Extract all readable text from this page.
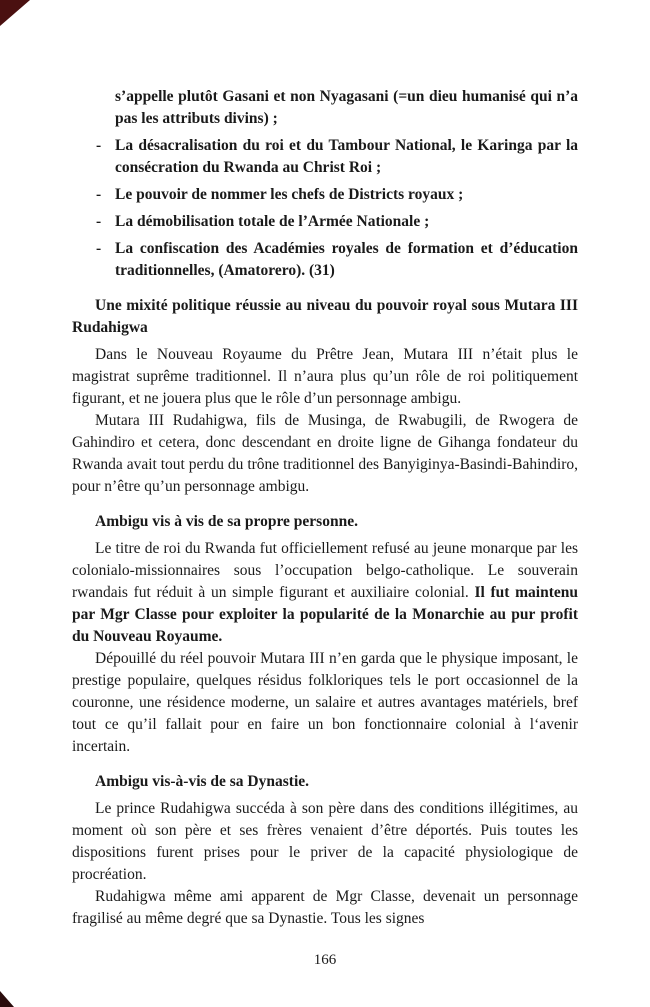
s’appelle plutôt Gasani et non Nyagasani (=un dieu humanisé qui n’a pas les attributs divins) ;
- La désacralisation du roi et du Tambour National, le Karinga par la consécration du Rwanda au Christ Roi ;
- Le pouvoir de nommer les chefs de Districts royaux ;
- La démobilisation totale de l’Armée Nationale ;
- La confiscation des Académies royales de formation et d’éducation traditionnelles, (Amatorero). (31)
Une mixité politique réussie au niveau du pouvoir royal sous Mutara III Rudahigwa
Dans le Nouveau Royaume du Prêtre Jean, Mutara III n’était plus le magistrat suprême traditionnel. Il n’aura plus qu’un rôle de roi politiquement figurant, et ne jouera plus que le rôle d’un personnage ambigu.
Mutara III Rudahigwa, fils de Musinga, de Rwabugili, de Rwogera de Gahindiro et cetera, donc descendant en droite ligne de Gihanga fondateur du Rwanda avait tout perdu du trône traditionnel des Banyiginya-Basindi-Bahindiro, pour n’être qu’un personnage ambigu.
Ambigu vis à vis de sa propre personne.
Le titre de roi du Rwanda fut officiellement refusé au jeune monarque par les colonialo-missionnaires sous l’occupation belgo-catholique. Le souverain rwandais fut réduit à un simple figurant et auxiliaire colonial. Il fut maintenu par Mgr Classe pour exploiter la popularité de la Monarchie au pur profit du Nouveau Royaume.
Dépouillé du réel pouvoir Mutara III n’en garda que le physique imposant, le prestige populaire, quelques résidus folkloriques tels le port occasionnel de la couronne, une résidence moderne, un salaire et autres avantages matériels, bref tout ce qu’il fallait pour en faire un bon fonctionnaire colonial à l‘avenir incertain.
Ambigu vis-à-vis de sa Dynastie.
Le prince Rudahigwa succéda à son père dans des conditions illégitimes, au moment où son père et ses frères venaient d’être déportés. Puis toutes les dispositions furent prises pour le priver de la capacité physiologique de procréation.
Rudahigwa même ami apparent de Mgr Classe, devenait un personnage fragilisé au même degré que sa Dynastie. Tous les signes
166
